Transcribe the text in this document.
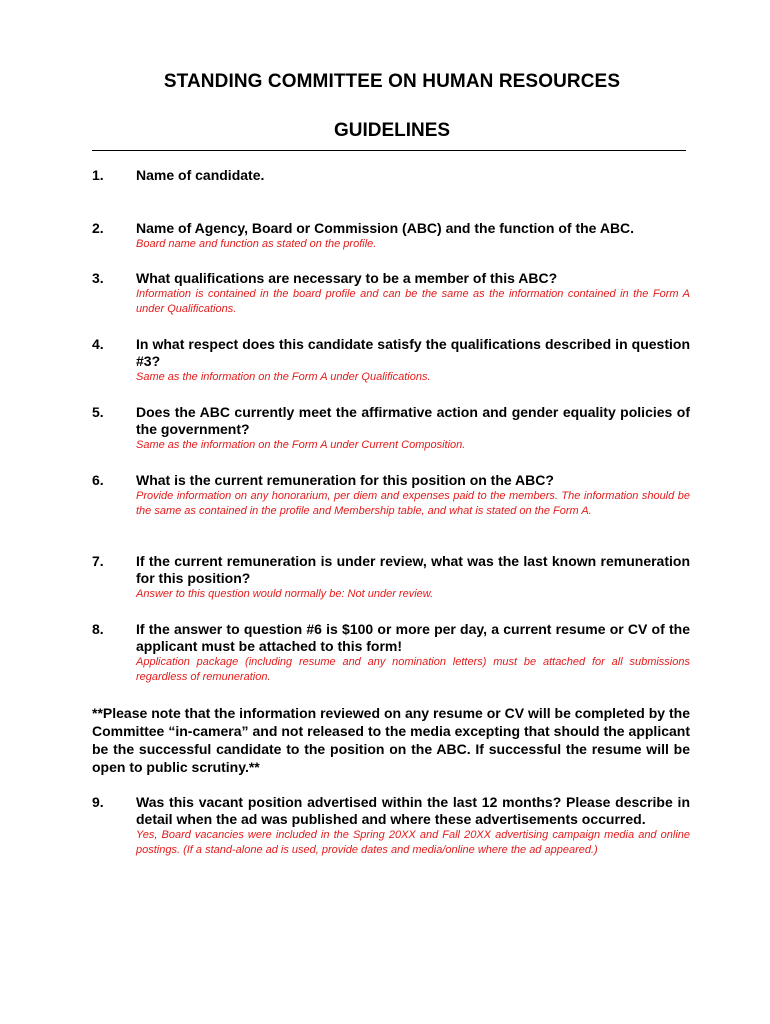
STANDING COMMITTEE ON HUMAN RESOURCES
GUIDELINES
1.	Name of candidate.

2.	Name of Agency, Board or Commission (ABC) and the function of the ABC.

Board name and function as stated on the profile.

3.	What qualifications are necessary to be a member of this ABC?

Information is contained in the board profile and can be the same as the information contained in the Form A under Qualifications.

4.	In what respect does this candidate satisfy the qualifications described in question #3?

Same as the information on the Form A under Qualifications.

5.	Does the ABC currently meet the affirmative action and gender equality policies of the government?

Same as the information on the Form A under Current Composition.

6.	What is the current remuneration for this position on the ABC?

Provide information on any honorarium, per diem and expenses paid to the members. The information should be the same as contained in the profile and Membership table, and what is stated on the Form A.

7.	If the current remuneration is under review, what was the last known remuneration for this position?

Answer to this question would normally be: Not under review.

8.	If the answer to question #6 is $100 or more per day, a current resume or CV of the applicant must be attached to this form!

Application package (including resume and any nomination letters) must be attached for all submissions regardless of remuneration.

**Please note that the information reviewed on any resume or CV will be completed by the Committee “in-camera” and not released to the media excepting that should the applicant be the successful candidate to the position on the ABC. If successful the resume will be open to public scrutiny.**

9.	Was this vacant position advertised within the last 12 months? Please describe in detail when the ad was published and where these advertisements occurred.

Yes, Board vacancies were included in the Spring 20XX and Fall 20XX advertising campaign media and online postings. (If a stand-alone ad is used, provide dates and media/online where the ad appeared.)
